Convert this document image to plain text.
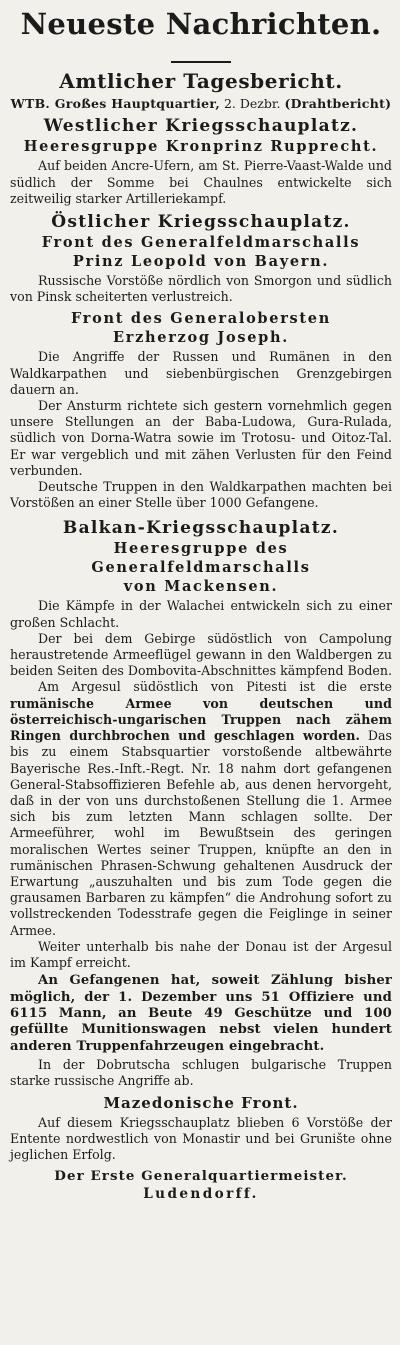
Neueste Nachrichten.
Amtlicher Tagesbericht.
WTB. Großes Hauptquartier, 2. Dezbr. (Drahtbericht)
Westlicher Kriegsschauplatz.
Heeresgruppe Kronprinz Rupprecht.

Auf beiden Ancre-Ufern, am St. Pierre-Vaast-Walde und südlich der Somme bei Chaulnes entwickelte sich zeitweilig starker Artilleriekampf.

Östlicher Kriegsschauplatz.
Front des Generalfeldmarschalls
Prinz Leopold von Bayern.

Russische Vorstöße nördlich von Smorgon und südlich von Pinsk scheiterten verlustreich.

Front des Generalobersten
Erzherzog Joseph.

Die Angriffe der Russen und Rumänen in den Waldkarpathen und siebenbürgischen Grenzgebirgen dauern an.

Der Ansturm richtete sich gestern vornehmlich gegen unsere Stellungen an der Baba-Ludowa, Gura-Rulada, südlich von Dorna-Watra sowie im Trotosu- und Oitoz-Tal. Er war vergeblich und mit zähen Verlusten für den Feind verbunden.

Deutsche Truppen in den Waldkarpathen machten bei Vorstößen an einer Stelle über 1000 Gefangene.

Balkan-Kriegsschauplatz.
Heeresgruppe des Generalfeldmarschalls
von Mackensen.

Die Kämpfe in der Walachei entwickeln sich zu einer großen Schlacht.

Der bei dem Gebirge südöstlich von Campolung heraustretende Armeeflügel gewann in den Waldbergen zu beiden Seiten des Dombovita-Abschnittes kämpfend Boden.

Am Argesul südöstlich von Pitesti ist die erste rumänische Armee von deutschen und österreichisch-ungarischen Truppen nach zähem Ringen durchbrochen und geschlagen worden. Das bis zu einem Stabsquartier vorstoßende altbewährte Bayerische Res.-Inft.-Regt. Nr. 18 nahm dort gefangenen General-Stabsoffizieren Befehle ab, aus denen hervorgeht, daß in der von uns durchstoßenen Stellung die 1. Armee sich bis zum letzten Mann schlagen sollte. Der Armeeführer, wohl im Bewußtsein des geringen moralischen Wertes seiner Truppen, knüpfte an den in rumänischen Phrasen-Schwung gehaltenen Ausdruck der Erwartung „auszuhalten und bis zum Tode gegen die grausamen Barbaren zu kämpfen“ die Androhung sofort zu vollstreckenden Todesstrafe gegen die Feiglinge in seiner Armee.

Weiter unterhalb bis nahe der Donau ist der Argesul im Kampf erreicht.

An Gefangenen hat, soweit Zählung bisher möglich, der 1. Dezember uns 51 Offiziere und 6115 Mann, an Beute 49 Geschütze und 100 gefüllte Munitionswagen nebst vielen hundert anderen Truppenfahrzeugen eingebracht.

In der Dobrutscha schlugen bulgarische Truppen starke russische Angriffe ab.

Mazedonische Front.

Auf diesem Kriegsschauplatz blieben 6 Vorstöße der Entente nordwestlich von Monastir und bei Grunište ohne jeglichen Erfolg.

Der Erste Generalquartiermeister.
Ludendorff.
